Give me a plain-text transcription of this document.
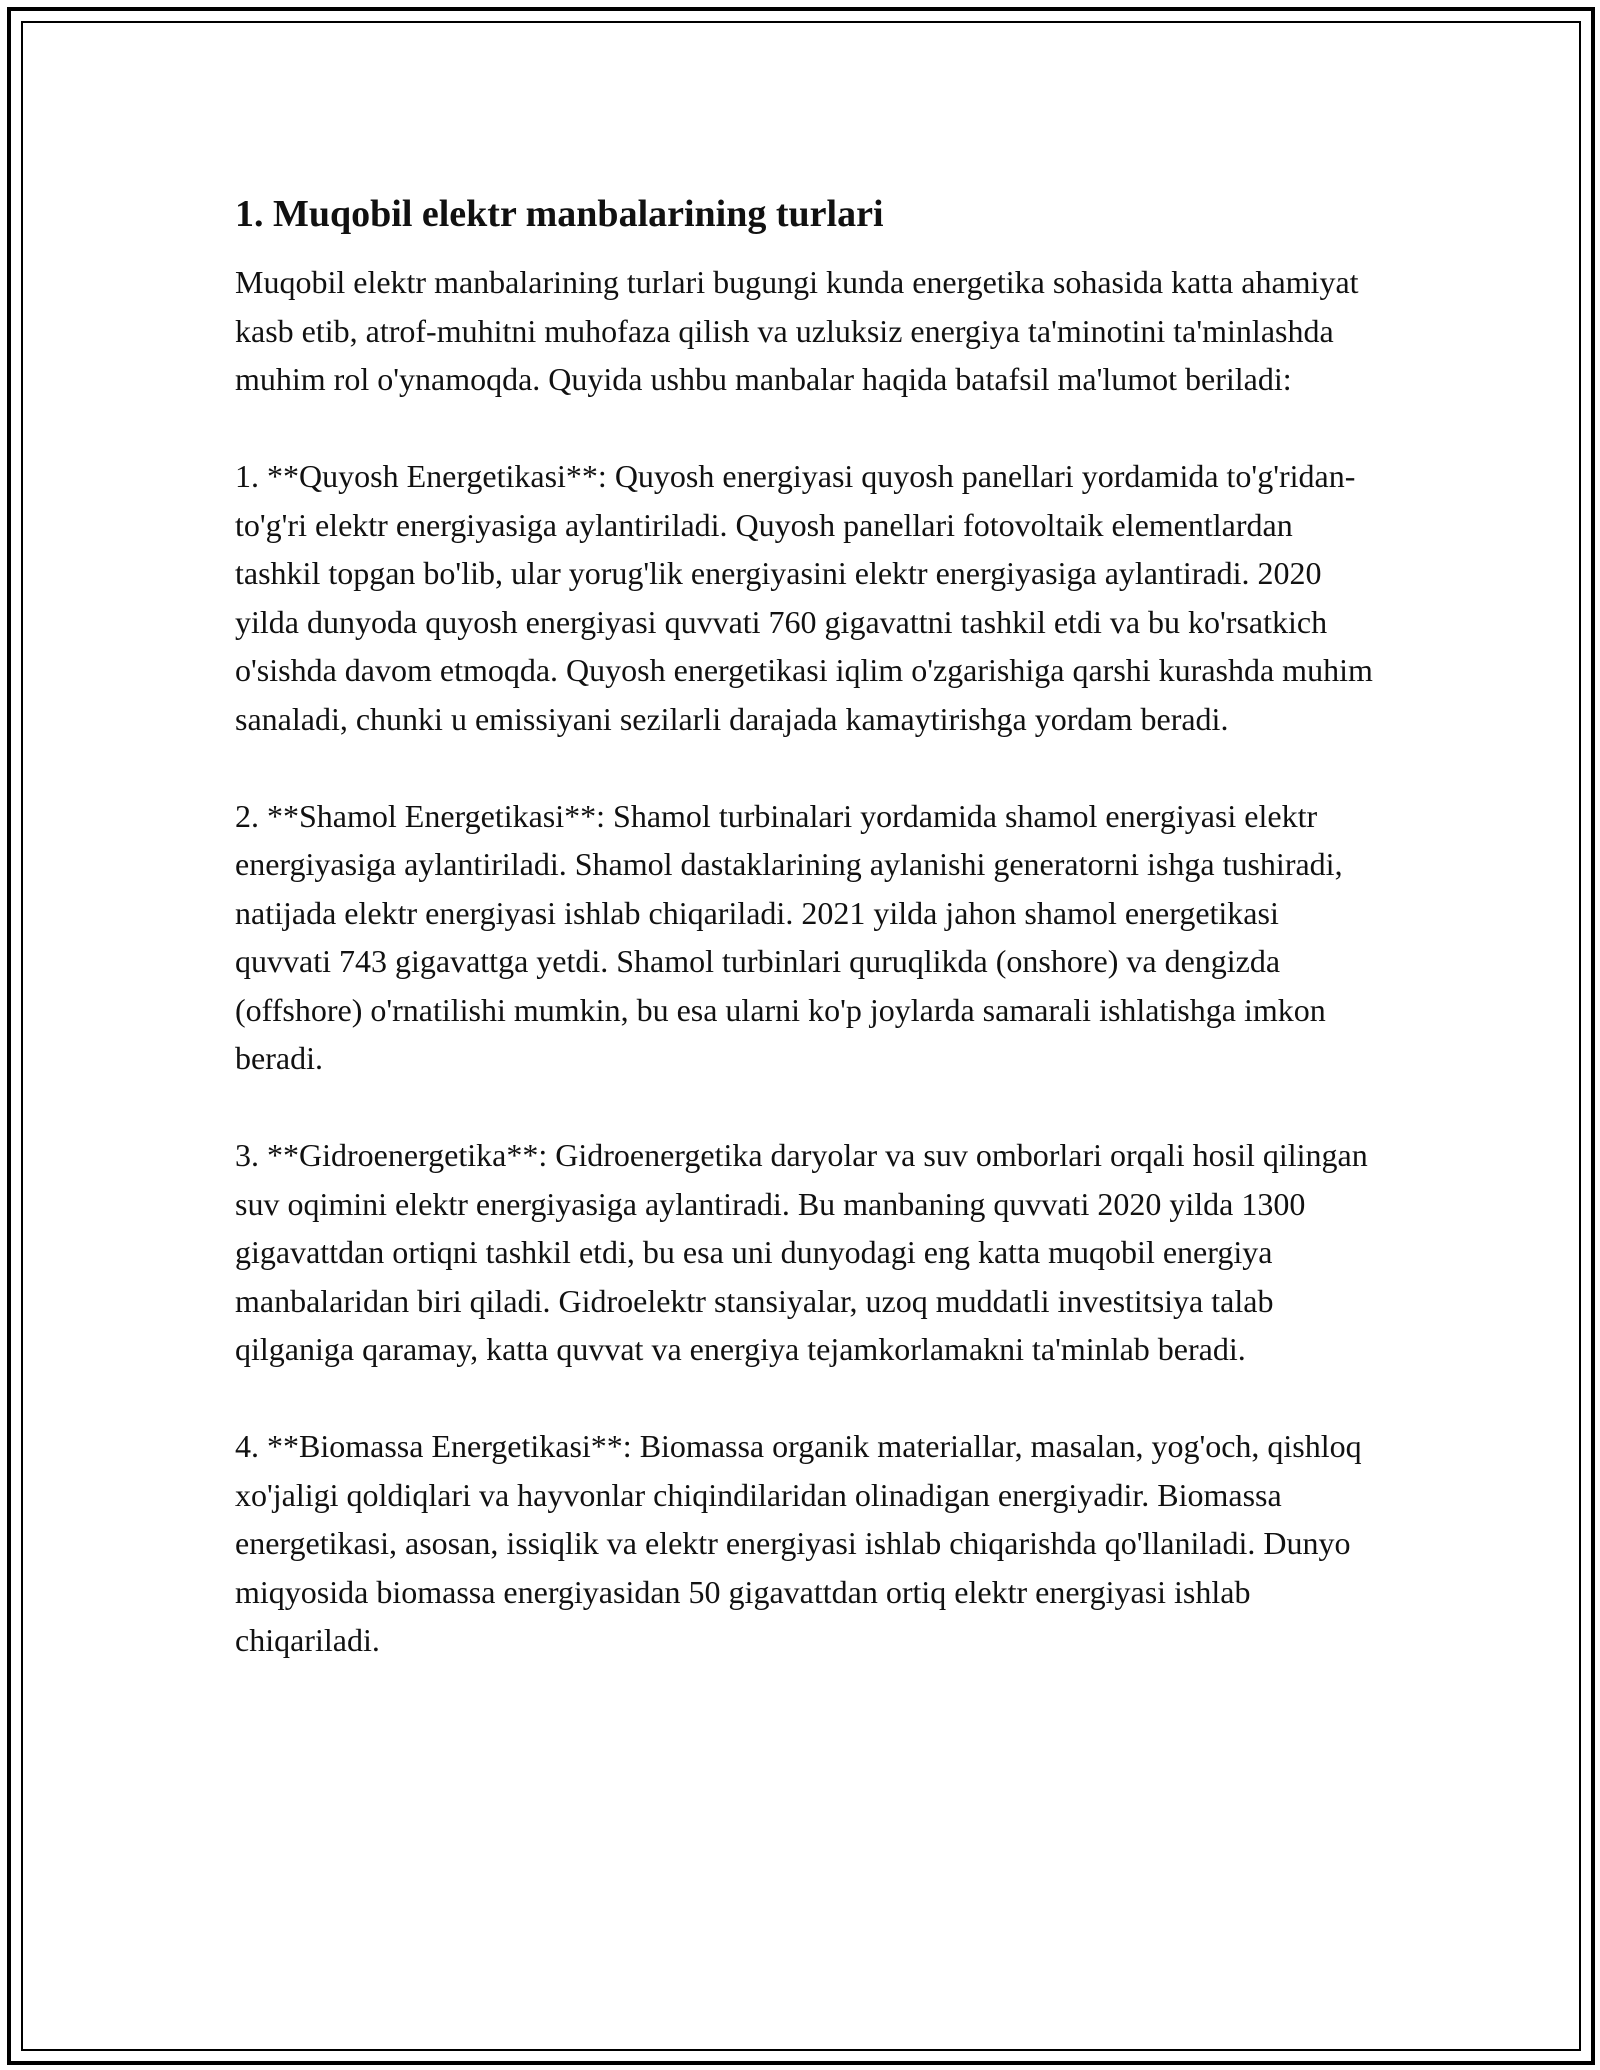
1. Muqobil elektr manbalarining turlari

Muqobil elektr manbalarining turlari bugungi kunda energetika sohasida katta ahamiyat kasb etib, atrof-muhitni muhofaza qilish va uzluksiz energiya ta'minotini ta'minlashda muhim rol o'ynamoqda. Quyida ushbu manbalar haqida batafsil ma'lumot beriladi:

1. **Quyosh Energetikasi**: Quyosh energiyasi quyosh panellari yordamida to'g'ridan-to'g'ri elektr energiyasiga aylantiriladi. Quyosh panellari fotovoltaik elementlardan tashkil topgan bo'lib, ular yorug'lik energiyasini elektr energiyasiga aylantiradi. 2020 yilda dunyoda quyosh energiyasi quvvati 760 gigavattni tashkil etdi va bu ko'rsatkich o'sishda davom etmoqda. Quyosh energetikasi iqlim o'zgarishiga qarshi kurashda muhim sanaladi, chunki u emissiyani sezilarli darajada kamaytirishga yordam beradi.

2. **Shamol Energetikasi**: Shamol turbinalari yordamida shamol energiyasi elektr energiyasiga aylantiriladi. Shamol dastaklarining aylanishi generatorni ishga tushiradi, natijada elektr energiyasi ishlab chiqariladi. 2021 yilda jahon shamol energetikasi quvvati 743 gigavattga yetdi. Shamol turbinlari quruqlikda (onshore) va dengizda (offshore) o'rnatilishi mumkin, bu esa ularni ko'p joylarda samarali ishlatishga imkon beradi.

3. **Gidroenergetika**: Gidroenergetika daryolar va suv omborlari orqali hosil qilingan suv oqimini elektr energiyasiga aylantiradi. Bu manbaning quvvati 2020 yilda 1300 gigavattdan ortiqni tashkil etdi, bu esa uni dunyodagi eng katta muqobil energiya manbalaridan biri qiladi. Gidroelektr stansiyalar, uzoq muddatli investitsiya talab qilganiga qaramay, katta quvvat va energiya tejamkorlamakni ta'minlab beradi.

4. **Biomassa Energetikasi**: Biomassa organik materiallar, masalan, yog'och, qishloq xo'jaligi qoldiqlari va hayvonlar chiqindilaridan olinadigan energiyadir. Biomassa energetikasi, asosan, issiqlik va elektr energiyasi ishlab chiqarishda qo'llaniladi. Dunyo miqyosida biomassa energiyasidan 50 gigavattdan ortiq elektr energiyasi ishlab chiqariladi.
